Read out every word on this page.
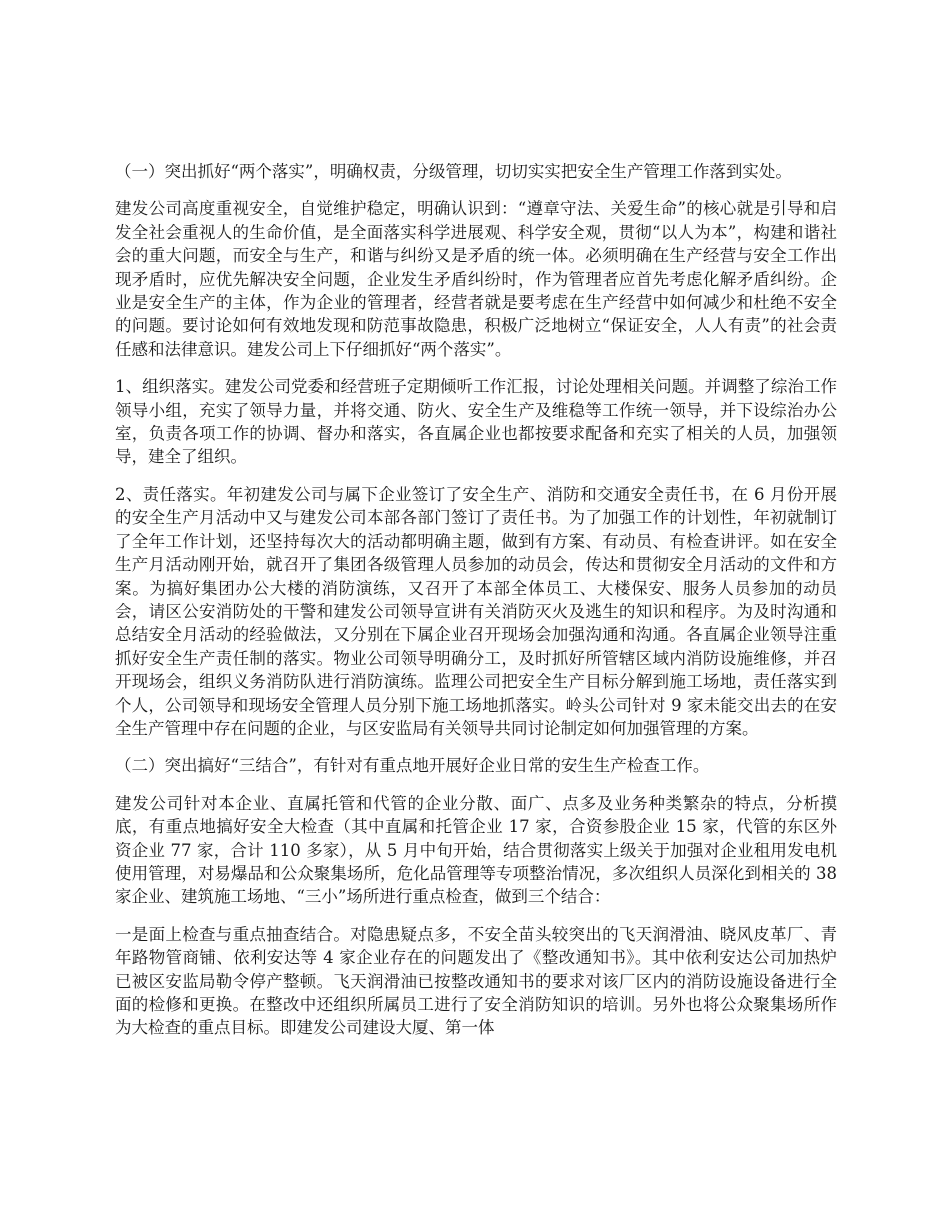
（一）突出抓好“两个落实”，明确权责，分级管理，切切实实把安全生产管理工作落到实处。

建发公司高度重视安全，自觉维护稳定，明确认识到：“遵章守法、关爱生命”的核心就是引导和启发全社会重视人的生命价值，是全面落实科学进展观、科学安全观，贯彻“以人为本”，构建和谐社会的重大问题，而安全与生产，和谐与纠纷又是矛盾的统一体。必须明确在生产经营与安全工作出现矛盾时，应优先解决安全问题，企业发生矛盾纠纷时，作为管理者应首先考虑化解矛盾纠纷。企业是安全生产的主体，作为企业的管理者，经营者就是要考虑在生产经营中如何减少和杜绝不安全的问题。要讨论如何有效地发现和防范事故隐患，积极广泛地树立“保证安全，人人有责”的社会责任感和法律意识。建发公司上下仔细抓好“两个落实”。

1、组织落实。建发公司党委和经营班子定期倾听工作汇报，讨论处理相关问题。并调整了综治工作领导小组，充实了领导力量，并将交通、防火、安全生产及维稳等工作统一领导，并下设综治办公室，负责各项工作的协调、督办和落实，各直属企业也都按要求配备和充实了相关的人员，加强领导，建全了组织。

2、责任落实。年初建发公司与属下企业签订了安全生产、消防和交通安全责任书，在 6 月份开展的安全生产月活动中又与建发公司本部各部门签订了责任书。为了加强工作的计划性，年初就制订了全年工作计划，还坚持每次大的活动都明确主题，做到有方案、有动员、有检查讲评。如在安全生产月活动刚开始，就召开了集团各级管理人员参加的动员会，传达和贯彻安全月活动的文件和方案。为搞好集团办公大楼的消防演练，又召开了本部全体员工、大楼保安、服务人员参加的动员会，请区公安消防处的干警和建发公司领导宣讲有关消防灭火及逃生的知识和程序。为及时沟通和总结安全月活动的经验做法，又分别在下属企业召开现场会加强沟通和沟通。各直属企业领导注重抓好安全生产责任制的落实。物业公司领导明确分工，及时抓好所管辖区域内消防设施维修，并召开现场会，组织义务消防队进行消防演练。监理公司把安全生产目标分解到施工场地，责任落实到个人，公司领导和现场安全管理人员分别下施工场地抓落实。岭头公司针对 9 家未能交出去的在安全生产管理中存在问题的企业，与区安监局有关领导共同讨论制定如何加强管理的方案。

（二）突出搞好“三结合”，有针对有重点地开展好企业日常的安生生产检查工作。

建发公司针对本企业、直属托管和代管的企业分散、面广、点多及业务种类繁杂的特点，分析摸底，有重点地搞好安全大检查（其中直属和托管企业 17 家，合资参股企业 15 家，代管的东区外资企业 77 家，合计 110 多家），从 5 月中旬开始，结合贯彻落实上级关于加强对企业租用发电机使用管理，对易爆品和公众聚集场所，危化品管理等专项整治情况，多次组织人员深化到相关的 38 家企业、建筑施工场地、“三小”场所进行重点检查，做到三个结合：

一是面上检查与重点抽查结合。对隐患疑点多，不安全苗头较突出的飞天润滑油、晓风皮革厂、青年路物管商铺、依利安达等 4 家企业存在的问题发出了《整改通知书》。其中依利安达公司加热炉已被区安监局勒令停产整顿。飞天润滑油已按整改通知书的要求对该厂区内的消防设施设备进行全面的检修和更换。在整改中还组织所属员工进行了安全消防知识的培训。另外也将公众聚集场所作为大检查的重点目标。即建发公司建设大厦、第一体
